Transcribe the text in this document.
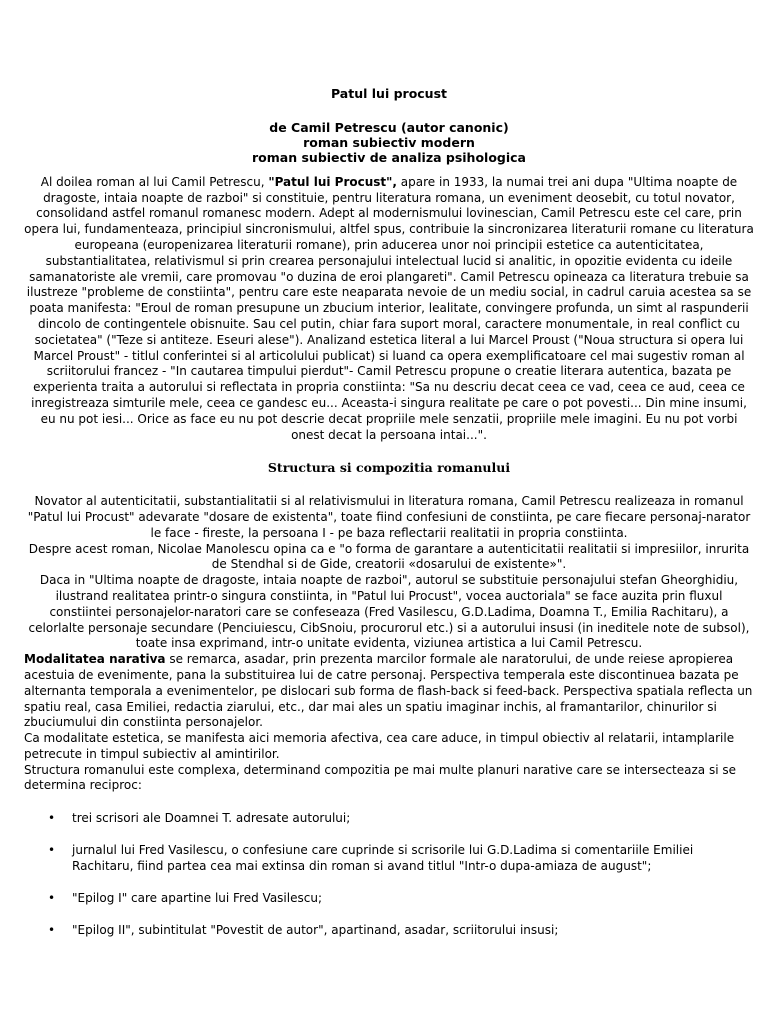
Patul lui procust
de Camil Petrescu (autor canonic)
roman subiectiv modern
roman subiectiv de analiza psihologica

Al doilea roman al lui Camil Petrescu, "Patul lui Procust", apare in 1933, la numai trei ani dupa "Ultima noapte de dragoste, intaia noapte de razboi" si constituie, pentru literatura romana, un eveniment deosebit, cu totul novator, consolidand astfel romanul romanesc modern. Adept al modernismului lovinescian, Camil Petrescu este cel care, prin opera lui, fundamenteaza, principiul sincronismului, altfel spus, contribuie la sincronizarea literaturii romane cu literatura europeana (europenizarea literaturii romane), prin aducerea unor noi principii estetice ca autenticitatea, substantialitatea, relativismul si prin crearea personajului intelectual lucid si analitic, in opozitie evidenta cu ideile samanatoriste ale vremii, care promovau "o duzina de eroi plangareti". Camil Petrescu opineaza ca literatura trebuie sa ilustreze "probleme de constiinta", pentru care este neaparata nevoie de un mediu social, in cadrul caruia acestea sa se poata manifesta: "Eroul de roman presupune un zbucium interior, lealitate, convingere profunda, un simt al raspunderii dincolo de contingentele obisnuite. Sau cel putin, chiar fara suport moral, caractere monumentale, in real conflict cu societatea" ("Teze si antiteze. Eseuri alese"). Analizand estetica literal a lui Marcel Proust ("Noua structura si opera lui Marcel Proust" - titlul conferintei si al articolului publicat) si luand ca opera exemplificatoare cel mai sugestiv roman al scriitorului francez - "In cautarea timpului pierdut"- Camil Petrescu propune o creatie literara autentica, bazata pe experienta traita a autorului si reflectata in propria constiinta: "Sa nu descriu decat ceea ce vad, ceea ce aud, ceea ce inregistreaza simturile mele, ceea ce gandesc eu... Aceasta-i singura realitate pe care o pot povesti... Din mine insumi, eu nu pot iesi... Orice as face eu nu pot descrie decat propriile mele senzatii, propriile mele imagini. Eu nu pot vorbi onest decat la persoana intai...".

Structura si compozitia romanului

Novator al autenticitatii, substantialitatii si al relativismului in literatura romana, Camil Petrescu realizeaza in romanul "Patul lui Procust" adevarate "dosare de existenta", toate fiind confesiuni de constiinta, pe care fiecare personaj-narator le face - fireste, la persoana I - pe baza reflectarii realitatii in propria constiinta.

Despre acest roman, Nicolae Manolescu opina ca e "o forma de garantare a autenticitatii realitatii si impresiilor, inrurita de Stendhal si de Gide, creatorii «dosarului de existente»".

Daca in "Ultima noapte de dragoste, intaia noapte de razboi", autorul se substituie personajului stefan Gheorghidiu, ilustrand realitatea printr-o singura constiinta, in "Patul lui Procust", vocea auctoriala" se face auzita prin fluxul constiintei personajelor-naratori care se confeseaza (Fred Vasilescu, G.D.Ladima, Doamna T., Emilia Rachitaru), a celorlalte personaje secundare (Penciuiescu, CibSnoiu, procurorul etc.) si a autorului insusi (in ineditele note de subsol), toate insa exprimand, intr-o unitate evidenta, viziunea artistica a lui Camil Petrescu.

Modalitatea narativa se remarca, asadar, prin prezenta marcilor formale ale naratorului, de unde reiese apropierea acestuia de evenimente, pana la substituirea lui de catre personaj. Perspectiva temperala este discontinuea bazata pe alternanta temporala a evenimentelor, pe dislocari sub forma de flash-back si feed-back. Perspectiva spatiala reflecta un spatiu real, casa Emiliei, redactia ziarului, etc., dar mai ales un spatiu imaginar inchis, al framantarilor, chinurilor si zbuciumului din constiinta personajelor.

Ca modalitate estetica, se manifesta aici memoria afectiva, cea care aduce, in timpul obiectiv al relatarii, intamplarile petrecute in timpul subiectiv al amintirilor.

Structura romanului este complexa, determinand compozitia pe mai multe planuri narative care se intersecteaza si se determina reciproc:

• trei scrisori ale Doamnei T. adresate autorului;
• jurnalul lui Fred Vasilescu, o confesiune care cuprinde si scrisorile lui G.D.Ladima si comentariile Emiliei Rachitaru, fiind partea cea mai extinsa din roman si avand titlul "Intr-o dupa-amiaza de august";
• "Epilog I" care apartine lui Fred Vasilescu;
• "Epilog II", subintitulat "Povestit de autor", apartinand, asadar, scriitorului insusi;
